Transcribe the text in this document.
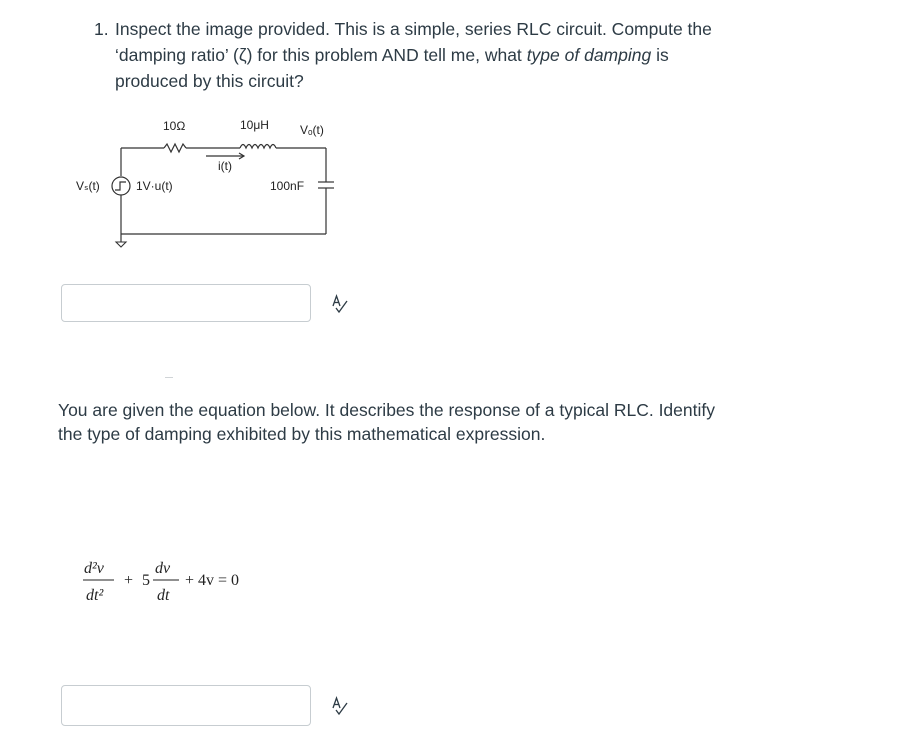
1. Inspect the image provided. This is a simple, series RLC circuit. Compute the
‘damping ratio’ (ζ) for this problem AND tell me, what type of damping is
produced by this circuit?
10Ω	10μH	Vₒ(t)
i(t)
Vₛ(t)	1V·u(t)	100nF
You are given the equation below. It describes the response of a typical RLC. Identify
the type of damping exhibited by this mathematical expression.
d²v
dt²
+ 5
dv
dt
+ 4v = 0
